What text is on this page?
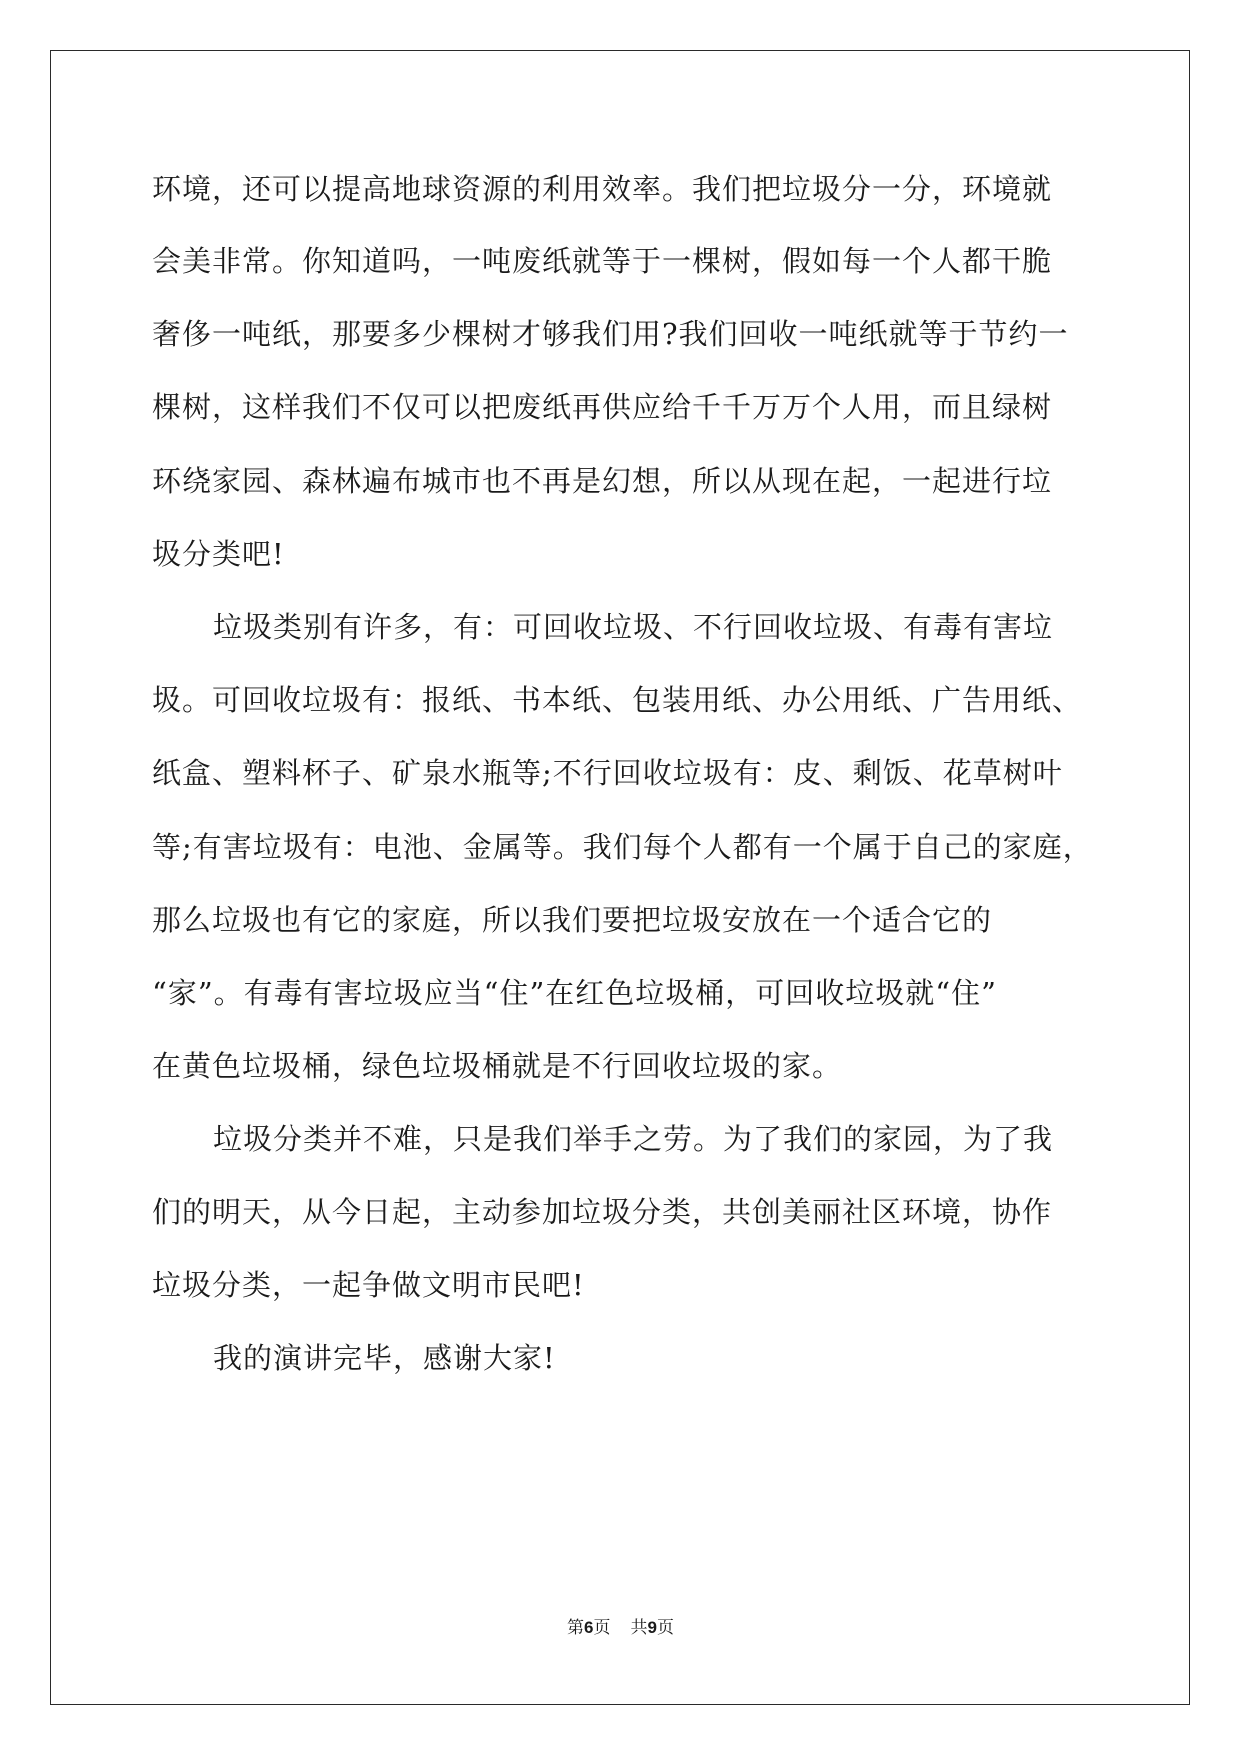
环境，还可以提高地球资源的利用效率。我们把垃圾分一分，环境就
会美非常。你知道吗，一吨废纸就等于一棵树，假如每一个人都干脆
奢侈一吨纸，那要多少棵树才够我们用?我们回收一吨纸就等于节约一
棵树，这样我们不仅可以把废纸再供应给千千万万个人用，而且绿树
环绕家园、森林遍布城市也不再是幻想，所以从现在起，一起进行垃
圾分类吧!
垃圾类别有许多，有：可回收垃圾、不行回收垃圾、有毒有害垃
圾。可回收垃圾有：报纸、书本纸、包装用纸、办公用纸、广告用纸、
纸盒、塑料杯子、矿泉水瓶等;不行回收垃圾有：皮、剩饭、花草树叶
等;有害垃圾有：电池、金属等。我们每个人都有一个属于自己的家庭，
那么垃圾也有它的家庭，所以我们要把垃圾安放在一个适合它的
“家”。有毒有害垃圾应当“住”在红色垃圾桶，可回收垃圾就“住”
在黄色垃圾桶，绿色垃圾桶就是不行回收垃圾的家。
垃圾分类并不难，只是我们举手之劳。为了我们的家园，为了我
们的明天，从今日起，主动参加垃圾分类，共创美丽社区环境，协作
垃圾分类，一起争做文明市民吧!
我的演讲完毕，感谢大家!
第6页 共9页
